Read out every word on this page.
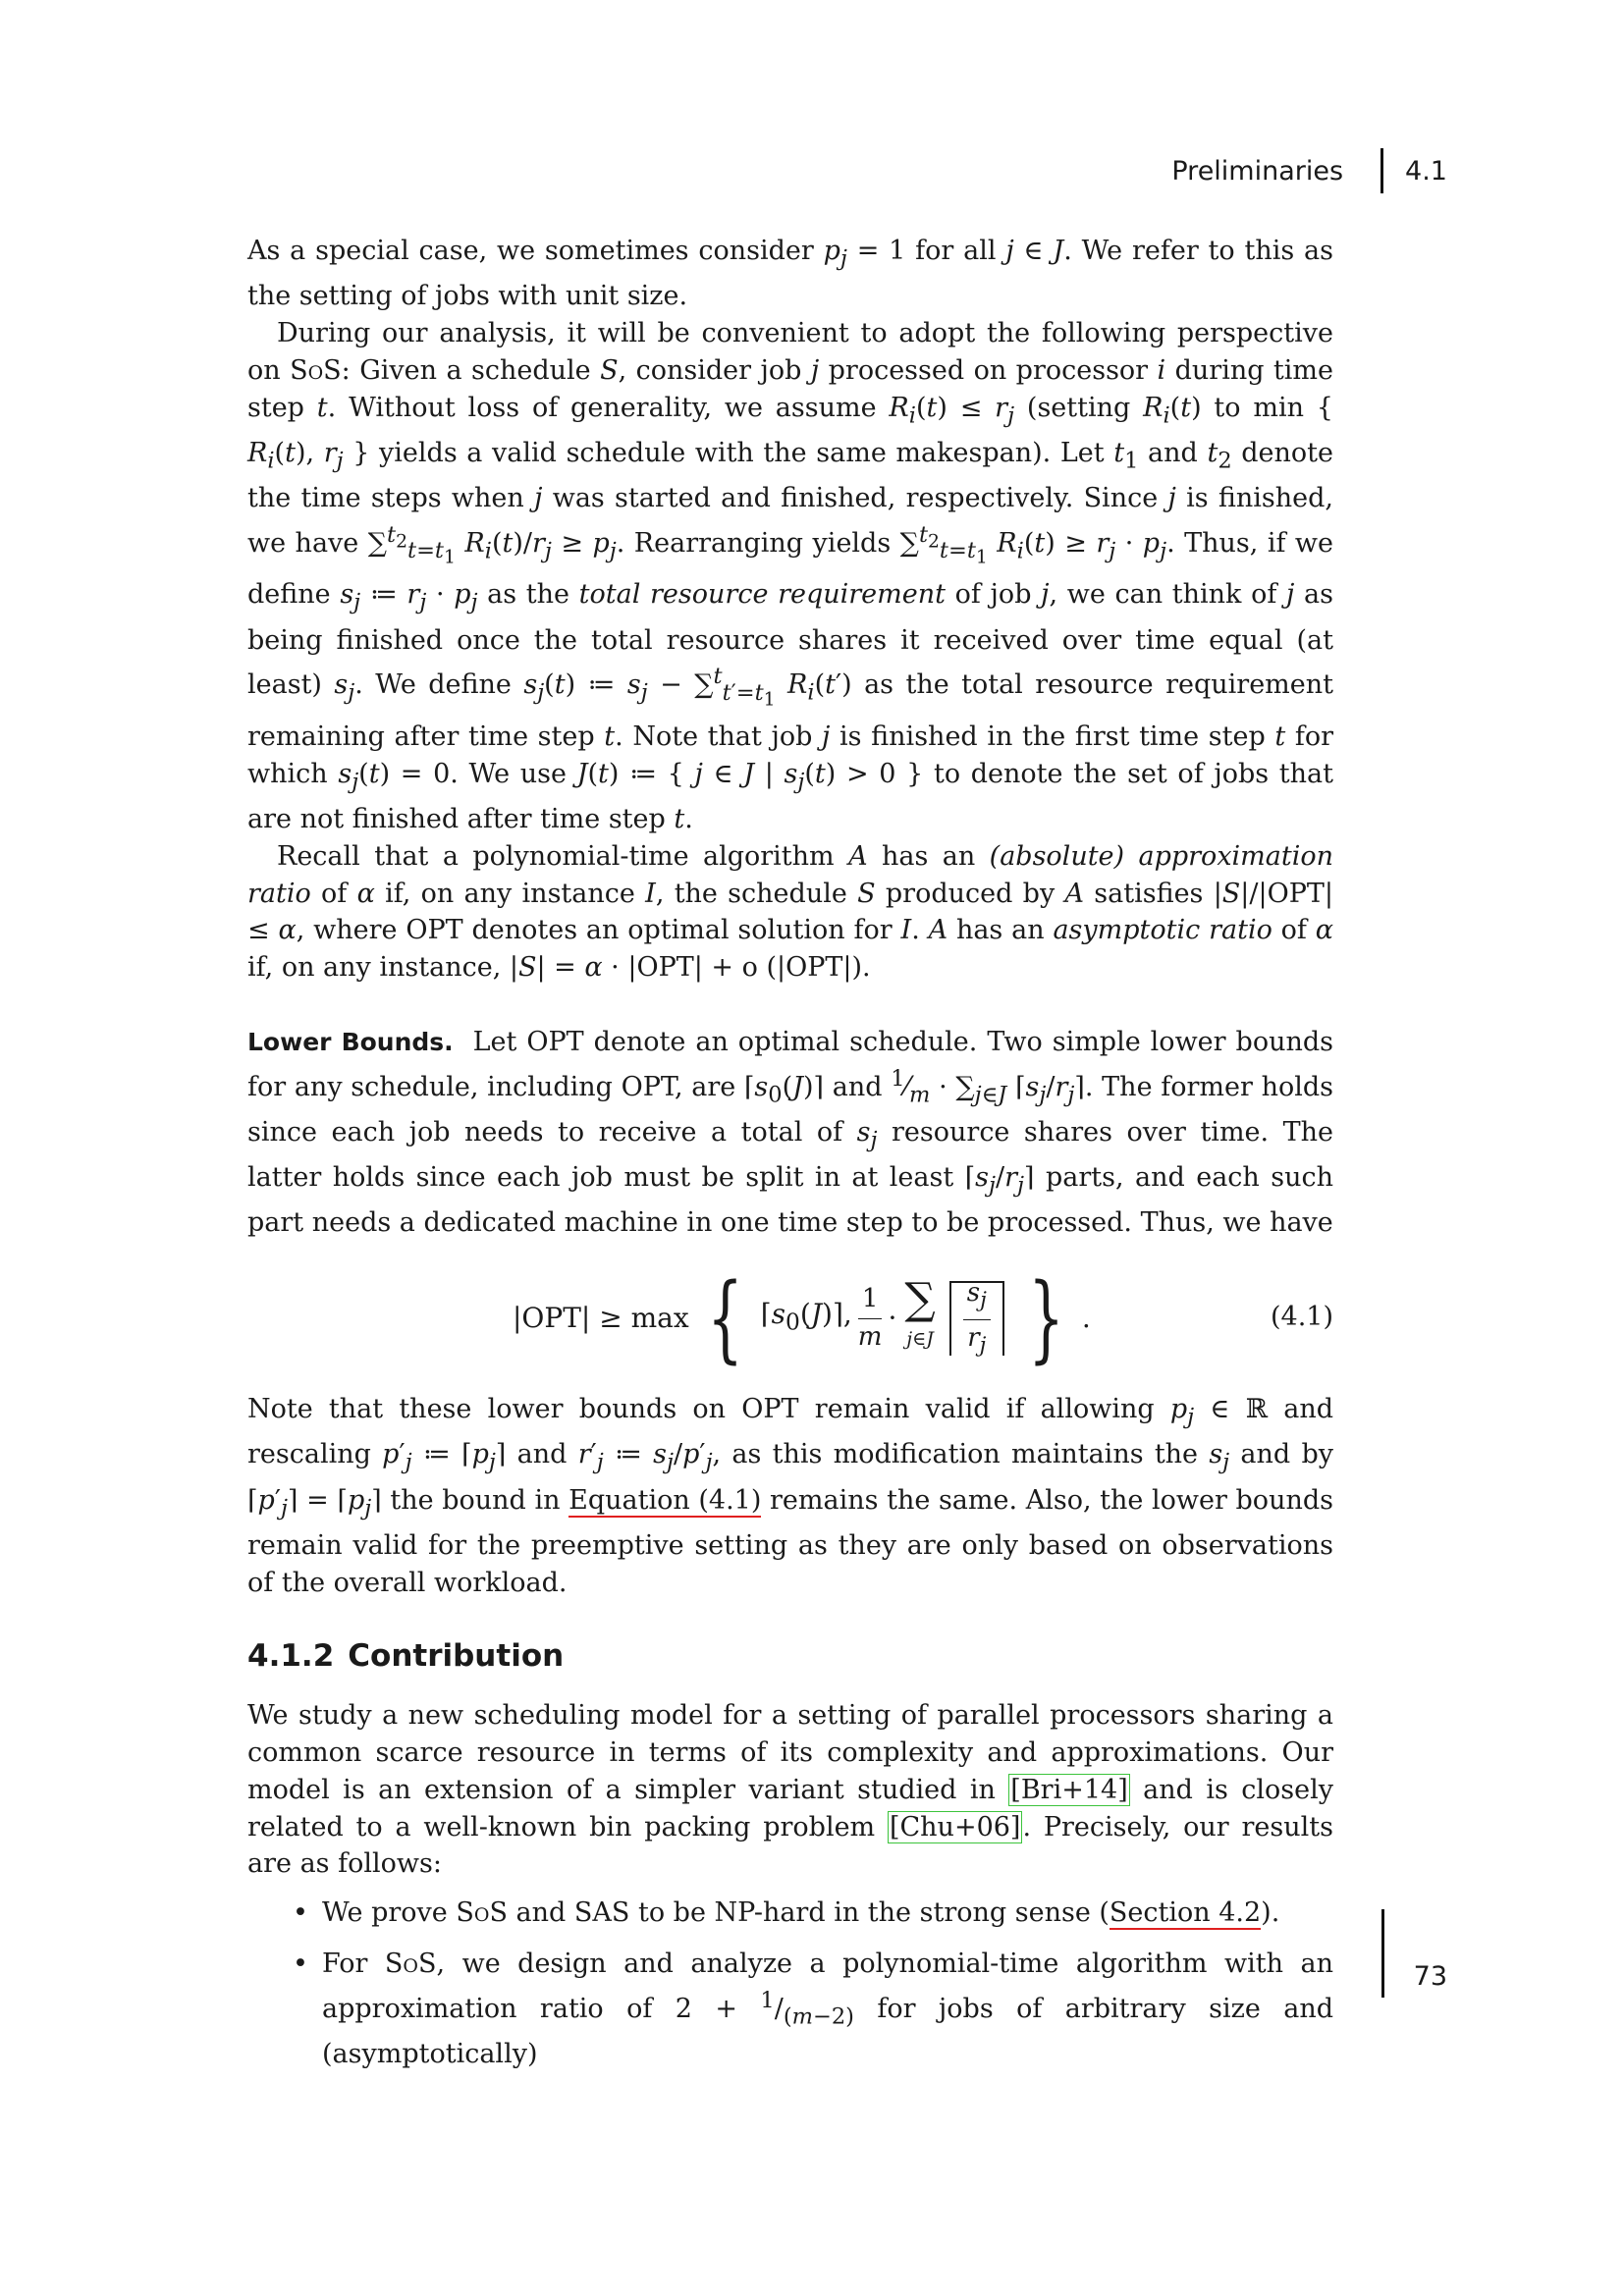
Preliminaries 4.1

As a special case, we sometimes consider $p_j = 1$ for all j ∈ J. We refer to this as the setting of jobs with unit size.

During our analysis, it will be convenient to adopt the following perspective on SoS: Given a schedule S, consider job j processed on processor i during time step t. Without loss of generality, we assume $R_i(t) \le r_j$ (setting $R_i(t)$ to min { $R_i(t)$, $r_j$ } yields a valid schedule with the same makespan). Let $t_1$ and $t_2$ denote the time steps when j was started and finished, respectively. Since j is finished, we have ∑$^{t_2}_{t=t_1}$ $R_i(t)/r_j \ge p_j$. Rearranging yields ∑$^{t_2}_{t=t_1}$ $R_i(t) \ge r_j \cdot p_j$. Thus, if we define $s_j$ ≔ $r_j \cdot p_j$ as the total resource requirement of job j, we can think of j as being finished once the total resource shares it received over time equal (at least) $s_j$. We define $s_j(t)$ ≔ $s_j - \sum^t_{t'=t_1}$ $R_i(t')$ as the total resource requirement remaining after time step t. Note that job j is finished in the first time step t for which $s_j(t) = 0$. We use J(t) ≔ { j ∈ J | $s_j(t) > 0$ } to denote the set of jobs that are not finished after time step t.

Recall that a polynomial-time algorithm A has an (absolute) approximation ratio of α if, on any instance I, the schedule S produced by A satisfies |S|/|OPT| ≤ α, where OPT denotes an optimal solution for I. A has an asymptotic ratio of α if, on any instance, |S| = α · |OPT| + o (|OPT|).

Lower Bounds.  Let OPT denote an optimal schedule. Two simple lower bounds for any schedule, including OPT, are $⌈s_0(J)⌉$ and $^1⁄_m \cdot \sum_{j\in J}$ $⌈s_j/r_j⌉$. The former holds since each job needs to receive a total of $s_j$ resource shares over time. The latter holds since each job must be split in at least $⌈s_j/r_j⌉$ parts, and each such part needs a dedicated machine in one time step to be processed. Thus, we have

|OPT| ≥ max { $⌈s_0(J)⌉$, $\frac{1}{m}$ · ∑
j∈J $\frac{s_j}{r_j}$ } .	(4.1)

Note that these lower bounds on OPT remain valid if allowing $p_j$ ∈ ℝ and rescaling $p'_j$ ≔ $⌈p_j⌉$ and $r'_j$ ≔ $s_j/p'_j$, as this modification maintains the $s_j$ and by $⌈p'_j⌉$ = $⌈p_j⌉$ the bound in Equation (4.1) remains the same. Also, the lower bounds remain valid for the preemptive setting as they are only based on observations of the overall workload.

4.1.2 Contribution

We study a new scheduling model for a setting of parallel processors sharing a common scarce resource in terms of its complexity and approximations. Our model is an extension of a simpler variant studied in [Bri+14] and is closely related to a well-known bin packing problem [Chu+06]. Precisely, our results are as follows:

• We prove SoS and SAS to be NP-hard in the strong sense (Section 4.2).
• For SoS, we design and analyze a polynomial-time algorithm with an approximation ratio of $2 + ^1/_{(m-2)}$ for jobs of arbitrary size and (asymptotically)
73
